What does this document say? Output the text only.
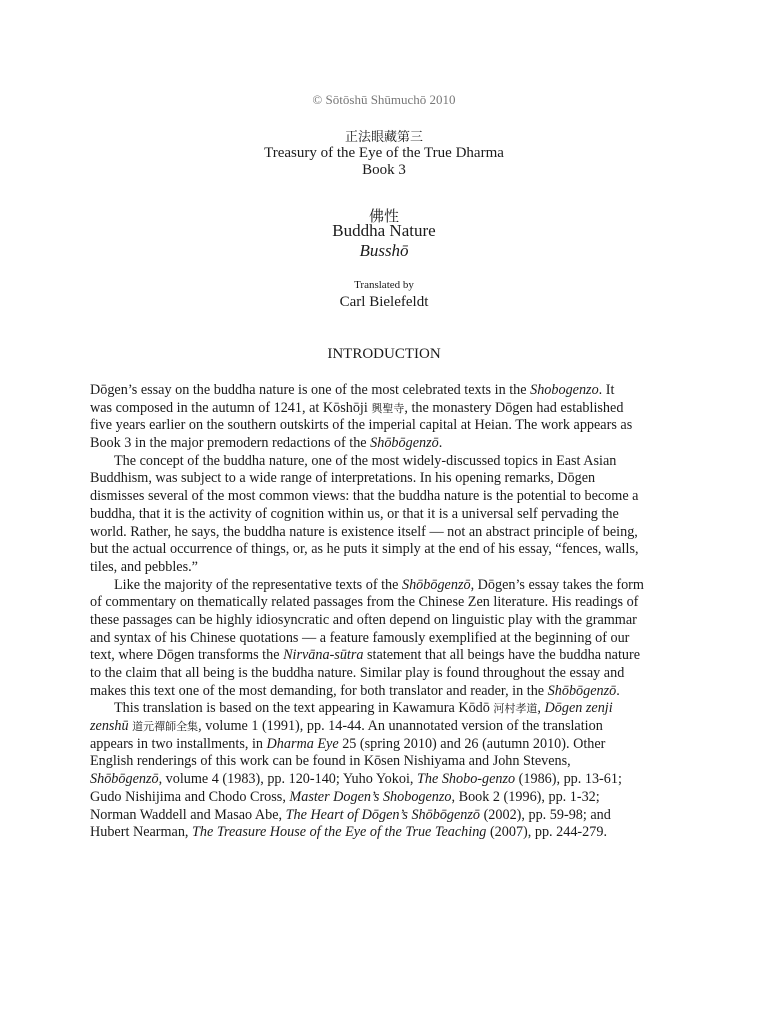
© Sōtōshū Shūmuchō 2010
正法眼藏第三
Treasury of the Eye of the True Dharma
Book 3
佛性
Buddha Nature
Busshō
Translated by
Carl Bielefeldt
INTRODUCTION
Dōgen’s essay on the buddha nature is one of the most celebrated texts in the Shobogenzo. It
was composed in the autumn of 1241, at Kōshōji 興聖寺, the monastery Dōgen had established
five years earlier on the southern outskirts of the imperial capital at Heian. The work appears as
Book 3 in the major premodern redactions of the Shōbōgenzō.
The concept of the buddha nature, one of the most widely-discussed topics in East Asian
Buddhism, was subject to a wide range of interpretations. In his opening remarks, Dōgen
dismisses several of the most common views: that the buddha nature is the potential to become a
buddha, that it is the activity of cognition within us, or that it is a universal self pervading the
world. Rather, he says, the buddha nature is existence itself — not an abstract principle of being,
but the actual occurrence of things, or, as he puts it simply at the end of his essay, “fences, walls,
tiles, and pebbles.”
Like the majority of the representative texts of the Shōbōgenzō, Dōgen’s essay takes the form
of commentary on thematically related passages from the Chinese Zen literature. His readings of
these passages can be highly idiosyncratic and often depend on linguistic play with the grammar
and syntax of his Chinese quotations — a feature famously exemplified at the beginning of our
text, where Dōgen transforms the Nirvāna-sūtra statement that all beings have the buddha nature
to the claim that all being is the buddha nature. Similar play is found throughout the essay and
makes this text one of the most demanding, for both translator and reader, in the Shōbōgenzō.
This translation is based on the text appearing in Kawamura Kōdō 河村孝道, Dōgen zenji
zenshū 道元禪師全集, volume 1 (1991), pp. 14-44. An unannotated version of the translation
appears in two installments, in Dharma Eye 25 (spring 2010) and 26 (autumn 2010). Other
English renderings of this work can be found in Kōsen Nishiyama and John Stevens,
Shōbōgenzō, volume 4 (1983), pp. 120-140; Yuho Yokoi, The Shobo-genzo (1986), pp. 13-61;
Gudo Nishijima and Chodo Cross, Master Dogen’s Shobogenzo, Book 2 (1996), pp. 1-32;
Norman Waddell and Masao Abe, The Heart of Dōgen’s Shōbōgenzō (2002), pp. 59-98; and
Hubert Nearman, The Treasure House of the Eye of the True Teaching (2007), pp. 244-279.
